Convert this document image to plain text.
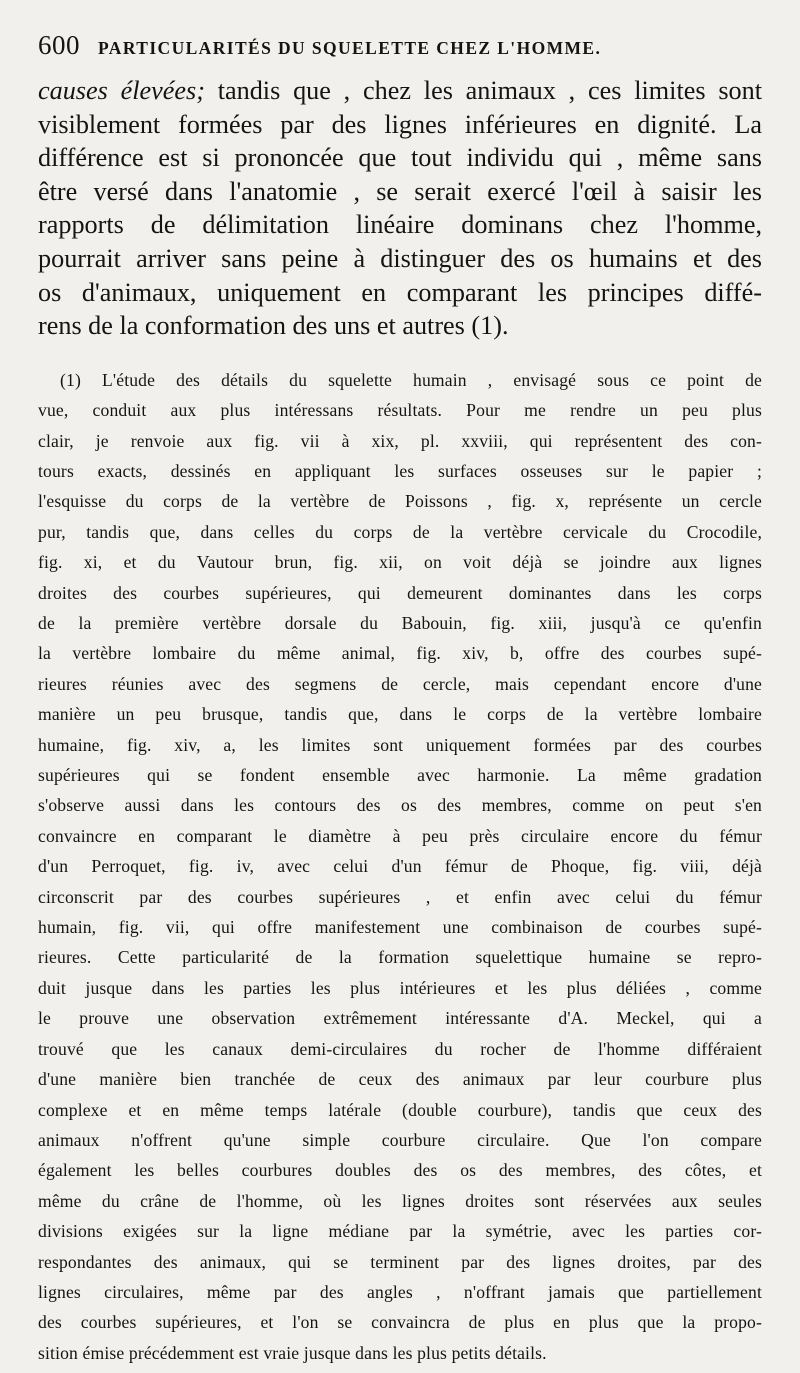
600 PARTICULARITÉS DU SQUELETTE CHEZ L'HOMME.
causes élevées; tandis que , chez les animaux , ces limites sont
visiblement formées par des lignes inférieures en dignité. La
différence est si prononcée que tout individu qui , même sans
être versé dans l'anatomie , se serait exercé l'œil à saisir les
rapports de délimitation linéaire dominans chez l'homme,
pourrait arriver sans peine à distinguer des os humains et des
os d'animaux, uniquement en comparant les principes diffé-
rens de la conformation des uns et autres (1).
(1) L'étude des détails du squelette humain , envisagé sous ce point de
vue, conduit aux plus intéressans résultats. Pour me rendre un peu plus
clair, je renvoie aux fig. vii à xix, pl. xxviii, qui représentent des con-
tours exacts, dessinés en appliquant les surfaces osseuses sur le papier ;
l'esquisse du corps de la vertèbre de Poissons , fig. x, représente un cercle
pur, tandis que, dans celles du corps de la vertèbre cervicale du Crocodile,
fig. xi, et du Vautour brun, fig. xii, on voit déjà se joindre aux lignes
droites des courbes supérieures, qui demeurent dominantes dans les corps
de la première vertèbre dorsale du Babouin, fig. xiii, jusqu'à ce qu'enfin
la vertèbre lombaire du même animal, fig. xiv, b, offre des courbes supé-
rieures réunies avec des segmens de cercle, mais cependant encore d'une
manière un peu brusque, tandis que, dans le corps de la vertèbre lombaire
humaine, fig. xiv, a, les limites sont uniquement formées par des courbes
supérieures qui se fondent ensemble avec harmonie. La même gradation
s'observe aussi dans les contours des os des membres, comme on peut s'en
convaincre en comparant le diamètre à peu près circulaire encore du fémur
d'un Perroquet, fig. iv, avec celui d'un fémur de Phoque, fig. viii, déjà
circonscrit par des courbes supérieures , et enfin avec celui du fémur
humain, fig. vii, qui offre manifestement une combinaison de courbes supé-
rieures. Cette particularité de la formation squelettique humaine se repro-
duit jusque dans les parties les plus intérieures et les plus déliées , comme
le prouve une observation extrêmement intéressante d'A. Meckel, qui a
trouvé que les canaux demi-circulaires du rocher de l'homme différaient
d'une manière bien tranchée de ceux des animaux par leur courbure plus
complexe et en même temps latérale (double courbure), tandis que ceux des
animaux n'offrent qu'une simple courbure circulaire. Que l'on compare
également les belles courbures doubles des os des membres, des côtes, et
même du crâne de l'homme, où les lignes droites sont réservées aux seules
divisions exigées sur la ligne médiane par la symétrie, avec les parties cor-
respondantes des animaux, qui se terminent par des lignes droites, par des
lignes circulaires, même par des angles , n'offrant jamais que partiellement
des courbes supérieures, et l'on se convaincra de plus en plus que la propo-
sition émise précédemment est vraie jusque dans les plus petits détails.
